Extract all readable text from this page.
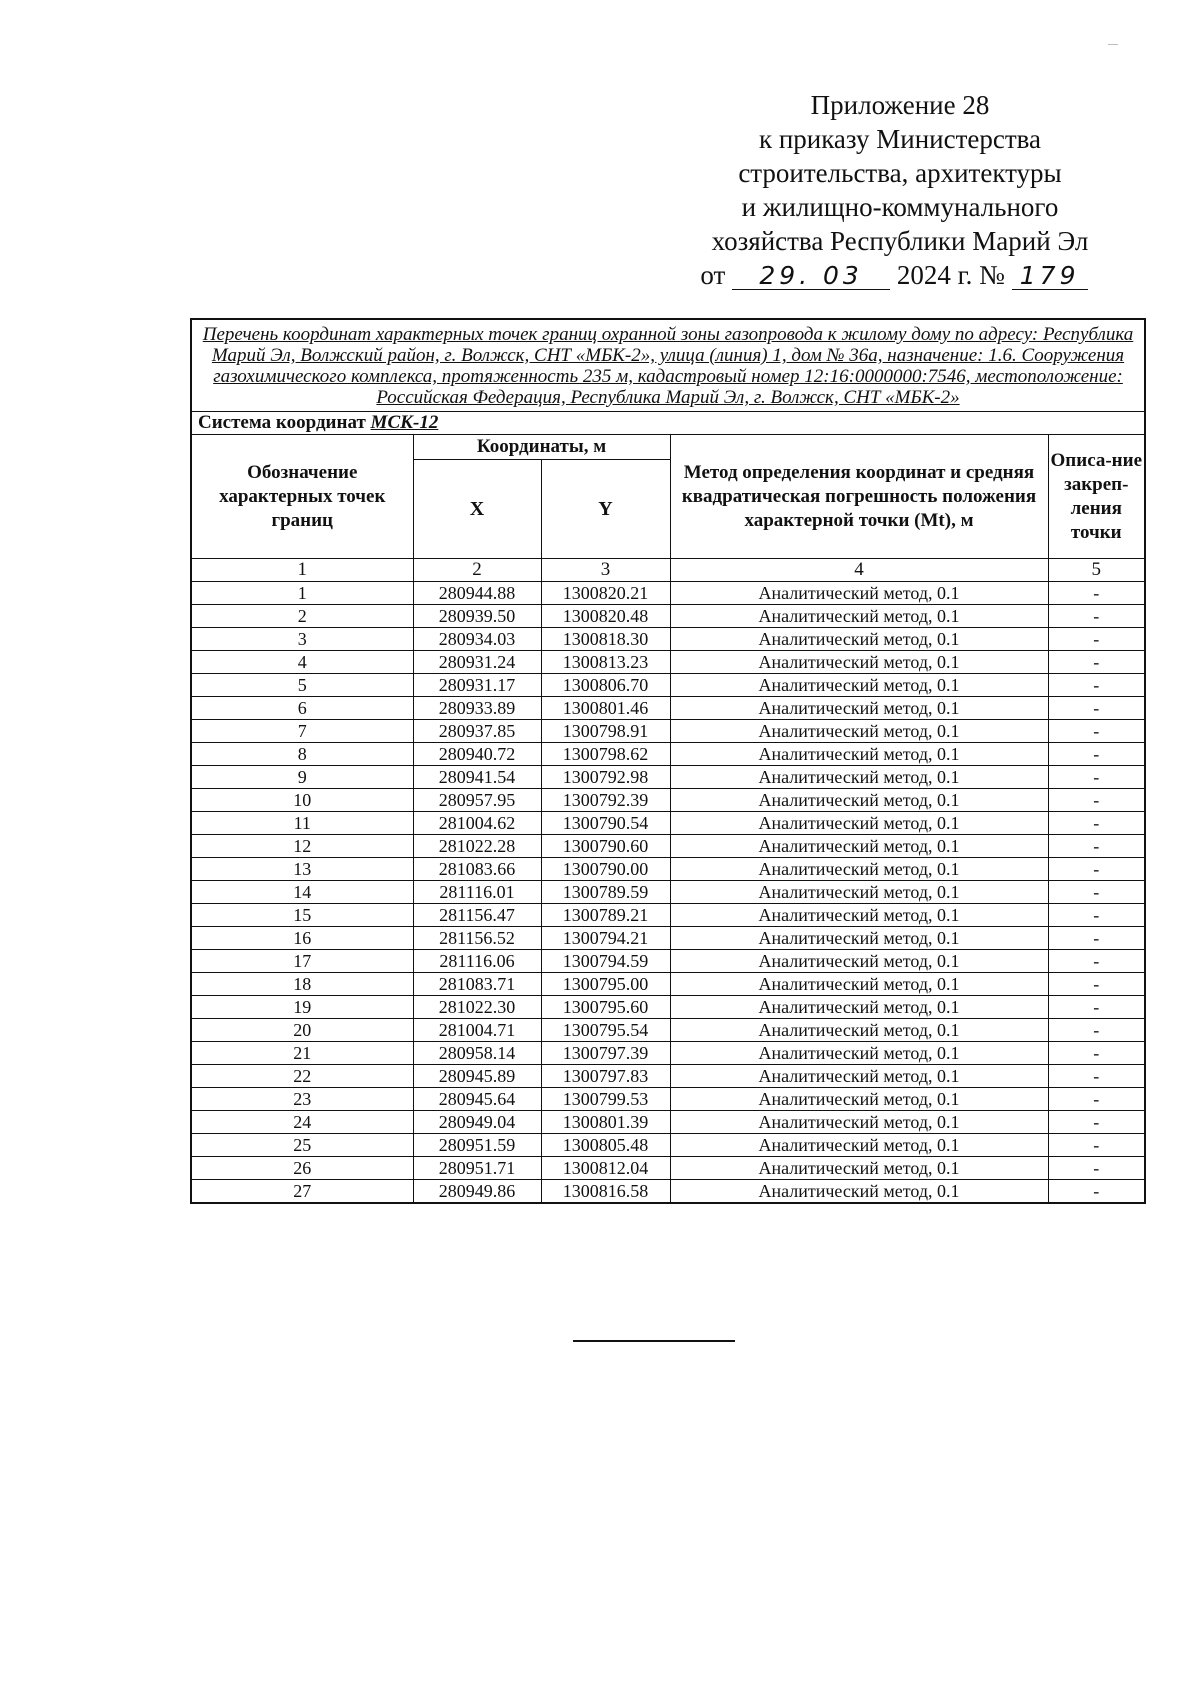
Приложение 28
к приказу Министерства
строительства, архитектуры
и жилищно-коммунального
хозяйства Республики Марий Эл
от 29. 03 2024 г. № 179
Перечень координат характерных точек границ охранной зоны газопровода к жилому дому по адресу: Республика Марий Эл, Волжский район, г. Волжск, СНТ «МБК-2», улица (линия) 1, дом № 36а, назначение: 1.6. Сооружения газохимического комплекса, протяженность 235 м, кадастровый номер 12:16:0000000:7546, местоположение: Российская Федерация, Республика Марий Эл, г. Волжск, СНТ «МБК-2»				
Система координат МСК-12				
Обозначение характерных точек границ	Координаты, м		Метод определения координат и средняя квадратическая погрешность положения характерной точки (Mt), м	Описа-ние закреп-ления точки
	X	Y		
1	2	3	4	5
1	280944.88	1300820.21	Аналитический метод, 0.1	-
2	280939.50	1300820.48	Аналитический метод, 0.1	-
3	280934.03	1300818.30	Аналитический метод, 0.1	-
4	280931.24	1300813.23	Аналитический метод, 0.1	-
5	280931.17	1300806.70	Аналитический метод, 0.1	-
6	280933.89	1300801.46	Аналитический метод, 0.1	-
7	280937.85	1300798.91	Аналитический метод, 0.1	-
8	280940.72	1300798.62	Аналитический метод, 0.1	-
9	280941.54	1300792.98	Аналитический метод, 0.1	-
10	280957.95	1300792.39	Аналитический метод, 0.1	-
11	281004.62	1300790.54	Аналитический метод, 0.1	-
12	281022.28	1300790.60	Аналитический метод, 0.1	-
13	281083.66	1300790.00	Аналитический метод, 0.1	-
14	281116.01	1300789.59	Аналитический метод, 0.1	-
15	281156.47	1300789.21	Аналитический метод, 0.1	-
16	281156.52	1300794.21	Аналитический метод, 0.1	-
17	281116.06	1300794.59	Аналитический метод, 0.1	-
18	281083.71	1300795.00	Аналитический метод, 0.1	-
19	281022.30	1300795.60	Аналитический метод, 0.1	-
20	281004.71	1300795.54	Аналитический метод, 0.1	-
21	280958.14	1300797.39	Аналитический метод, 0.1	-
22	280945.89	1300797.83	Аналитический метод, 0.1	-
23	280945.64	1300799.53	Аналитический метод, 0.1	-
24	280949.04	1300801.39	Аналитический метод, 0.1	-
25	280951.59	1300805.48	Аналитический метод, 0.1	-
26	280951.71	1300812.04	Аналитический метод, 0.1	-
27	280949.86	1300816.58	Аналитический метод, 0.1	-
